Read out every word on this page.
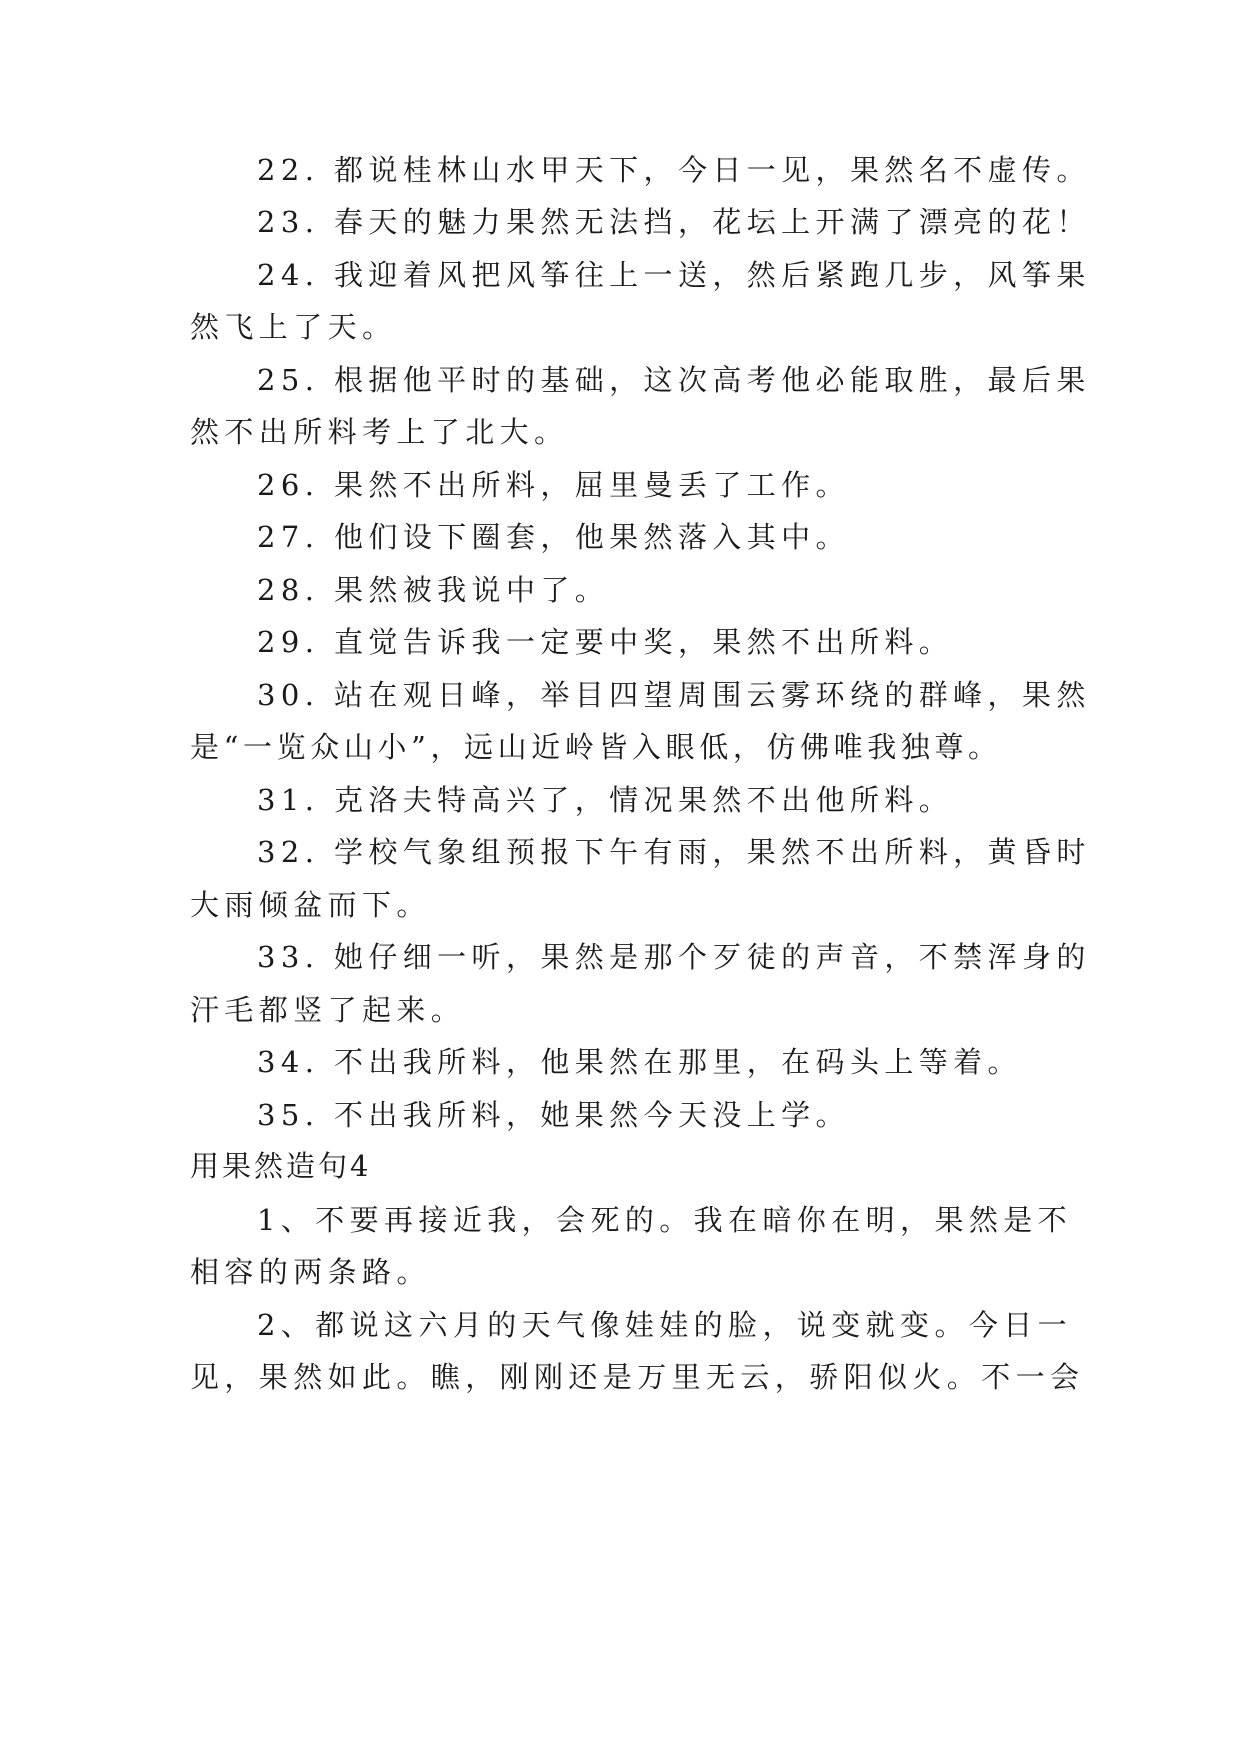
22. 都说桂林山水甲天下，今日一见，果然名不虚传。
23. 春天的魅力果然无法挡，花坛上开满了漂亮的花！
24. 我迎着风把风筝往上一送，然后紧跑几步，风筝果
然飞上了天。
25. 根据他平时的基础，这次高考他必能取胜，最后果
然不出所料考上了北大。
26. 果然不出所料，屈里曼丢了工作。
27. 他们设下圈套，他果然落入其中。
28. 果然被我说中了。
29. 直觉告诉我一定要中奖，果然不出所料。
30. 站在观日峰，举目四望周围云雾环绕的群峰，果然
是“一览众山小”，远山近岭皆入眼低，仿佛唯我独尊。
31. 克洛夫特高兴了，情况果然不出他所料。
32. 学校气象组预报下午有雨，果然不出所料，黄昏时
大雨倾盆而下。
33. 她仔细一听，果然是那个歹徒的声音，不禁浑身的
汗毛都竖了起来。
34. 不出我所料，他果然在那里，在码头上等着。
35. 不出我所料，她果然今天没上学。
用果然造句4
1、不要再接近我，会死的。我在暗你在明，果然是不
相容的两条路。
2、都说这六月的天气像娃娃的脸，说变就变。今日一
见，果然如此。瞧，刚刚还是万里无云，骄阳似火。不一会
